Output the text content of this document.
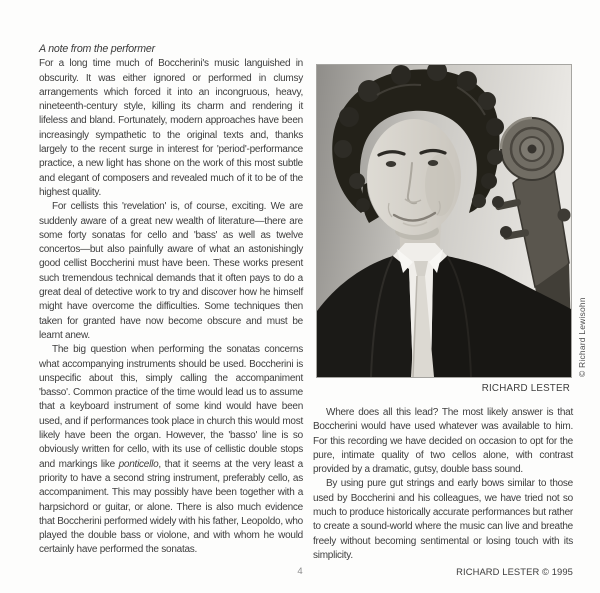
A note from the performer

For a long time much of Boccherini's music languished in obscurity. It was either ignored or performed in clumsy arrangements which forced it into an incongruous, heavy, nineteenth-century style, killing its charm and rendering it lifeless and bland. Fortunately, modern approaches have been increasingly sympathetic to the original texts and, thanks largely to the recent surge in interest for 'period'-performance practice, a new light has shone on the work of this most subtle and elegant of composers and revealed much of it to be of the highest quality.

For cellists this 'revelation' is, of course, exciting. We are suddenly aware of a great new wealth of literature—there are some forty sonatas for cello and 'bass' as well as twelve concertos—but also painfully aware of what an astonishingly good cellist Boccherini must have been. These works present such tremendous technical demands that it often pays to do a great deal of detective work to try and discover how he himself might have overcome the difficulties. Some techniques then taken for granted have now become obscure and must be learnt anew.

The big question when performing the sonatas concerns what accompanying instruments should be used. Boccherini is unspecific about this, simply calling the accompaniment 'basso'. Common practice of the time would lead us to assume that a keyboard instrument of some kind would have been used, and if performances took place in church this would most likely have been the organ. However, the 'basso' line is so obviously written for cello, with its use of cellistic double stops and markings like ponticello, that it seems at the very least a priority to have a second string instrument, preferably cello, as accompaniment. This may possibly have been together with a harpsichord or guitar, or alone. There is also much evidence that Boccherini performed widely with his father, Leopoldo, who played the double bass or violone, and with whom he would certainly have performed the sonatas.

© Richard Lewisohn
RICHARD LESTER

Where does all this lead? The most likely answer is that Boccherini would have used whatever was available to him. For this recording we have decided on occasion to opt for the pure, intimate quality of two cellos alone, with contrast provided by a dramatic, gutsy, double bass sound.

By using pure gut strings and early bows similar to those used by Boccherini and his colleagues, we have tried not so much to produce historically accurate performances but rather to create a sound-world where the music can live and breathe freely without becoming sentimental or losing touch with its simplicity.

RICHARD LESTER © 1995
4
